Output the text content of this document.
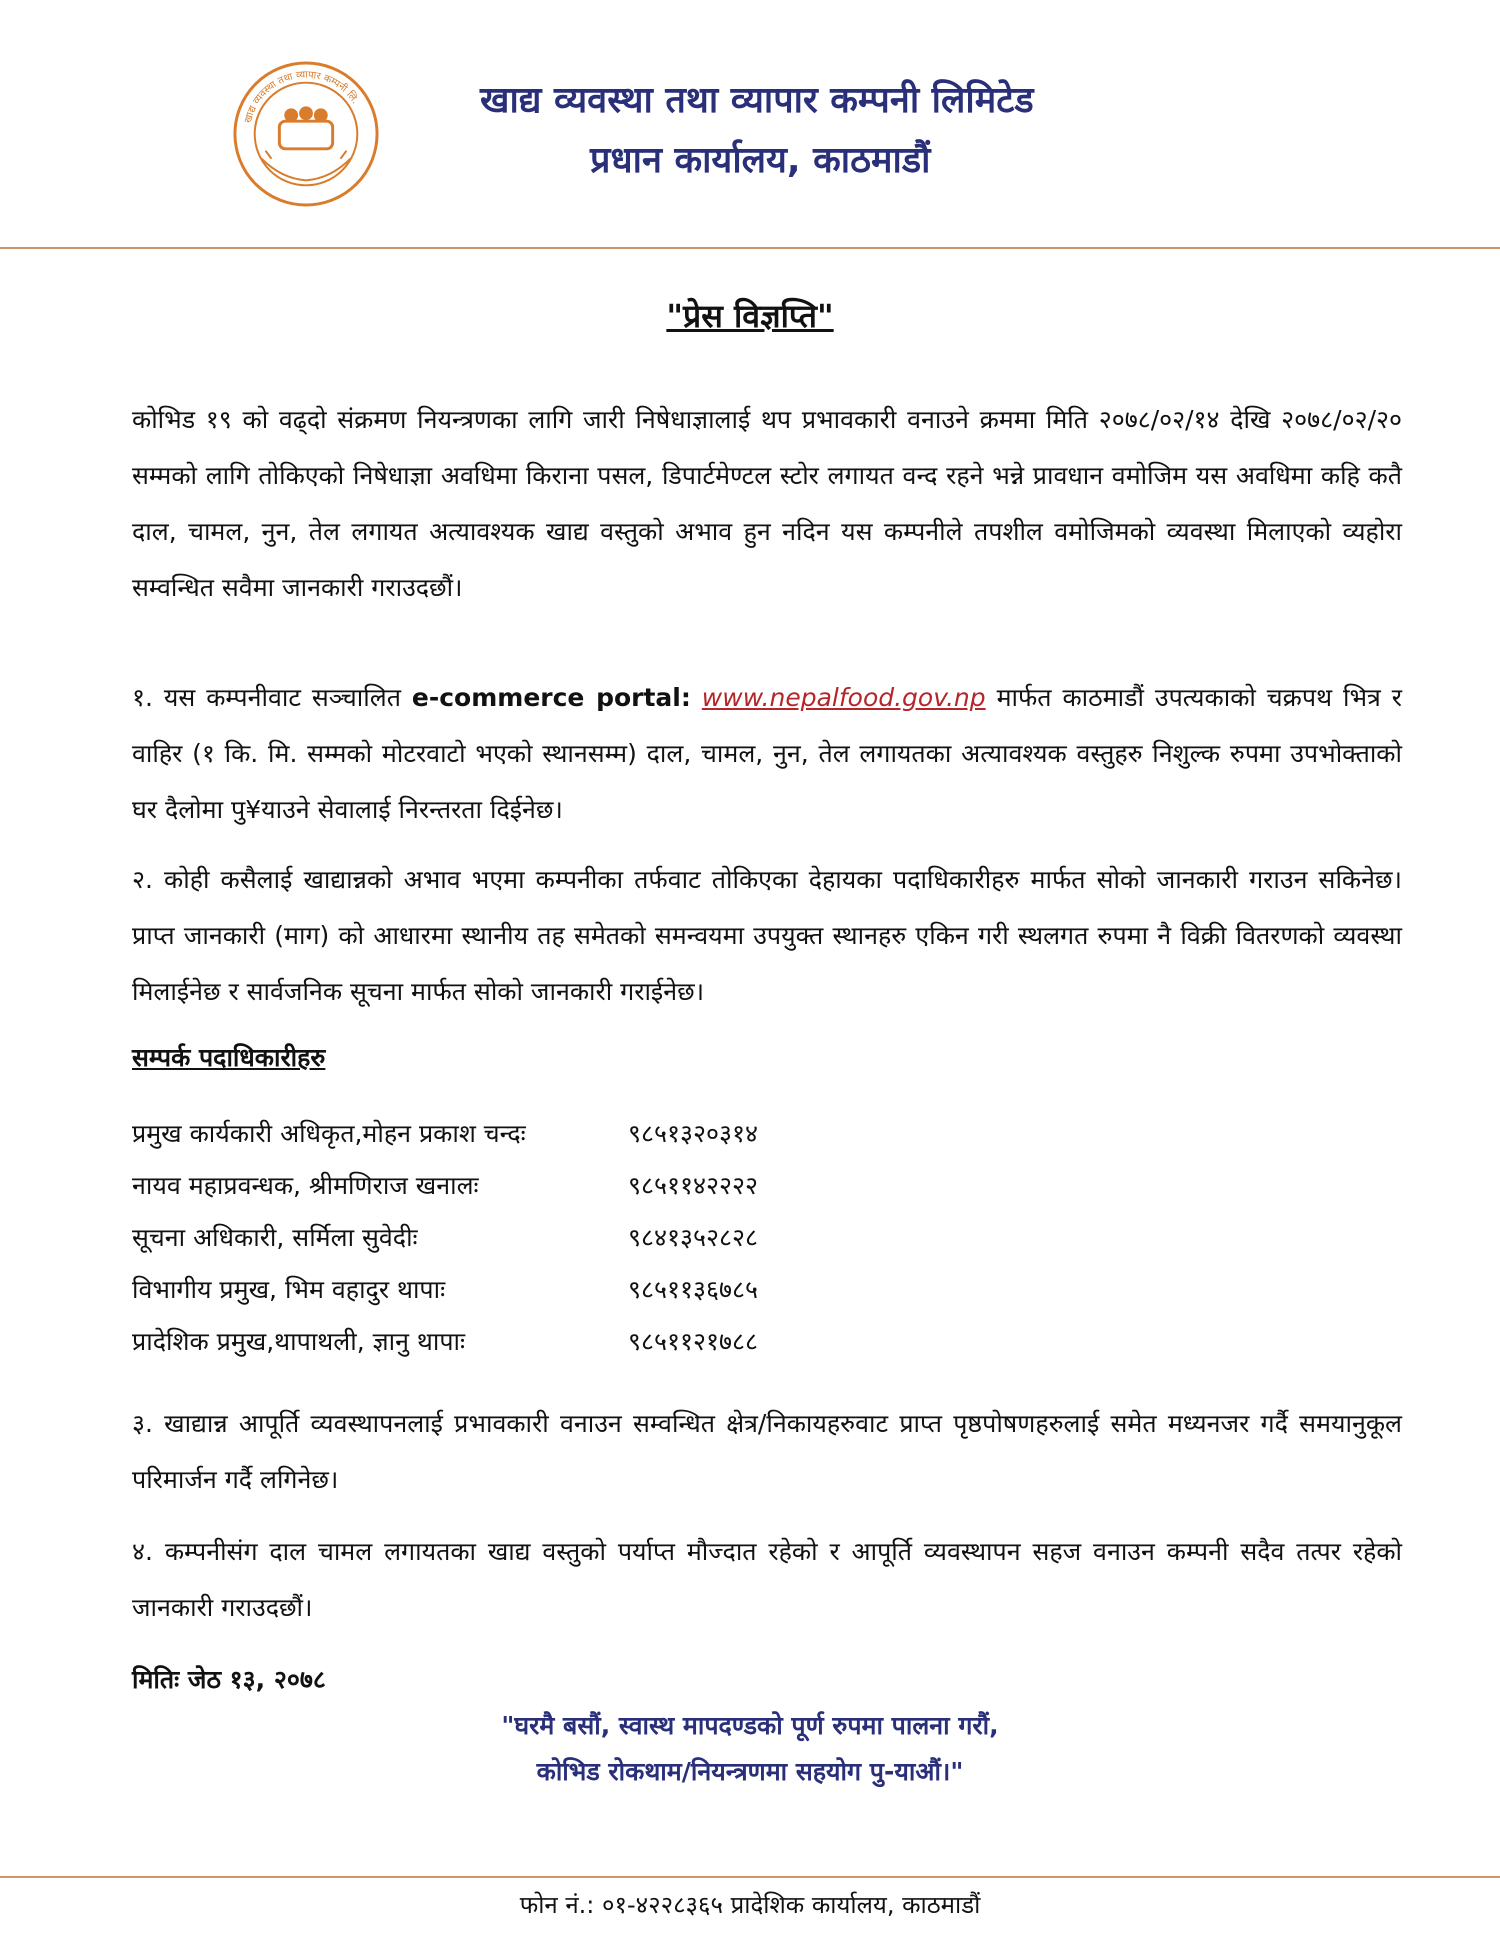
खाद्य व्यवस्था तथा व्यापार कम्पनी लि.	खाद्य व्यवस्था तथा व्यापार कम्पनी लिमिटेड
प्रधान कार्यालय, काठमाडौं
"प्रेस विज्ञप्ति"

कोभिड १९ को वढ्दो संक्रमण नियन्त्रणका लागि जारी निषेधाज्ञालाई थप प्रभावकारी वनाउने क्रममा मिति २०७८/०२/१४ देखि २०७८/०२/२० सम्मको लागि तोकिएको निषेधाज्ञा अवधिमा किराना पसल, डिपार्टमेण्टल स्टोर लगायत वन्द रहने भन्ने प्रावधान वमोजिम यस अवधिमा कहि कतै दाल, चामल, नुन, तेल लगायत अत्यावश्यक खाद्य वस्तुको अभाव हुन नदिन यस कम्पनीले तपशील वमोजिमको व्यवस्था मिलाएको व्यहोरा सम्वन्धित सवैमा जानकारी गराउदछौं।

१. यस कम्पनीवाट सञ्चालित e-commerce portal: www.nepalfood.gov.np मार्फत काठमाडौं उपत्यकाको चक्रपथ भित्र र वाहिर (१ कि. मि. सम्मको मोटरवाटो भएको स्थानसम्म) दाल, चामल, नुन, तेल लगायतका अत्यावश्यक वस्तुहरु निशुल्क रुपमा उपभोक्ताको घर दैलोमा पु¥याउने सेवालाई निरन्तरता दिईनेछ।

२. कोही कसैलाई खाद्यान्नको अभाव भएमा कम्पनीका तर्फवाट तोकिएका देहायका पदाधिकारीहरु मार्फत सोको जानकारी गराउन सकिनेछ। प्राप्त जानकारी (माग) को आधारमा स्थानीय तह समेतको समन्वयमा उपयुक्त स्थानहरु एकिन गरी स्थलगत रुपमा नै विक्री वितरणको व्यवस्था मिलाईनेछ र सार्वजनिक सूचना मार्फत सोको जानकारी गराईनेछ।

सम्पर्क पदाधिकारीहरु
प्रमुख कार्यकारी अधिकृत,मोहन प्रकाश चन्दः	९८५१३२०३१४
नायव महाप्रवन्धक, श्रीमणिराज खनालः	९८५११४२२२२
सूचना अधिकारी, सर्मिला सुवेदीः	९८४१३५२८२८
विभागीय प्रमुख, भिम वहादुर थापाः	९८५११३६७८५
प्रादेशिक प्रमुख,थापाथली, ज्ञानु थापाः	९८५११२१७८८

३. खाद्यान्न आपूर्ति व्यवस्थापनलाई प्रभावकारी वनाउन सम्वन्धित क्षेत्र/निकायहरुवाट प्राप्त पृष्ठपोषणहरुलाई समेत मध्यनजर गर्दै समयानुकूल परिमार्जन गर्दै लगिनेछ।

४. कम्पनीसंग दाल चामल लगायतका खाद्य वस्तुको पर्याप्त मौज्दात रहेको र आपूर्ति व्यवस्थापन सहज वनाउन कम्पनी सदैव तत्पर रहेको जानकारी गराउदछौं।

मितिः जेठ १३, २०७८
"घरमै बसौं, स्वास्थ मापदण्डको पूर्ण रुपमा पालना गरौं,
कोभिड रोकथाम/नियन्त्रणमा सहयोग पु-याऔं।"
फोन नं.: ०१-४२२८३६५ प्रादेशिक कार्यालय, काठमाडौं
